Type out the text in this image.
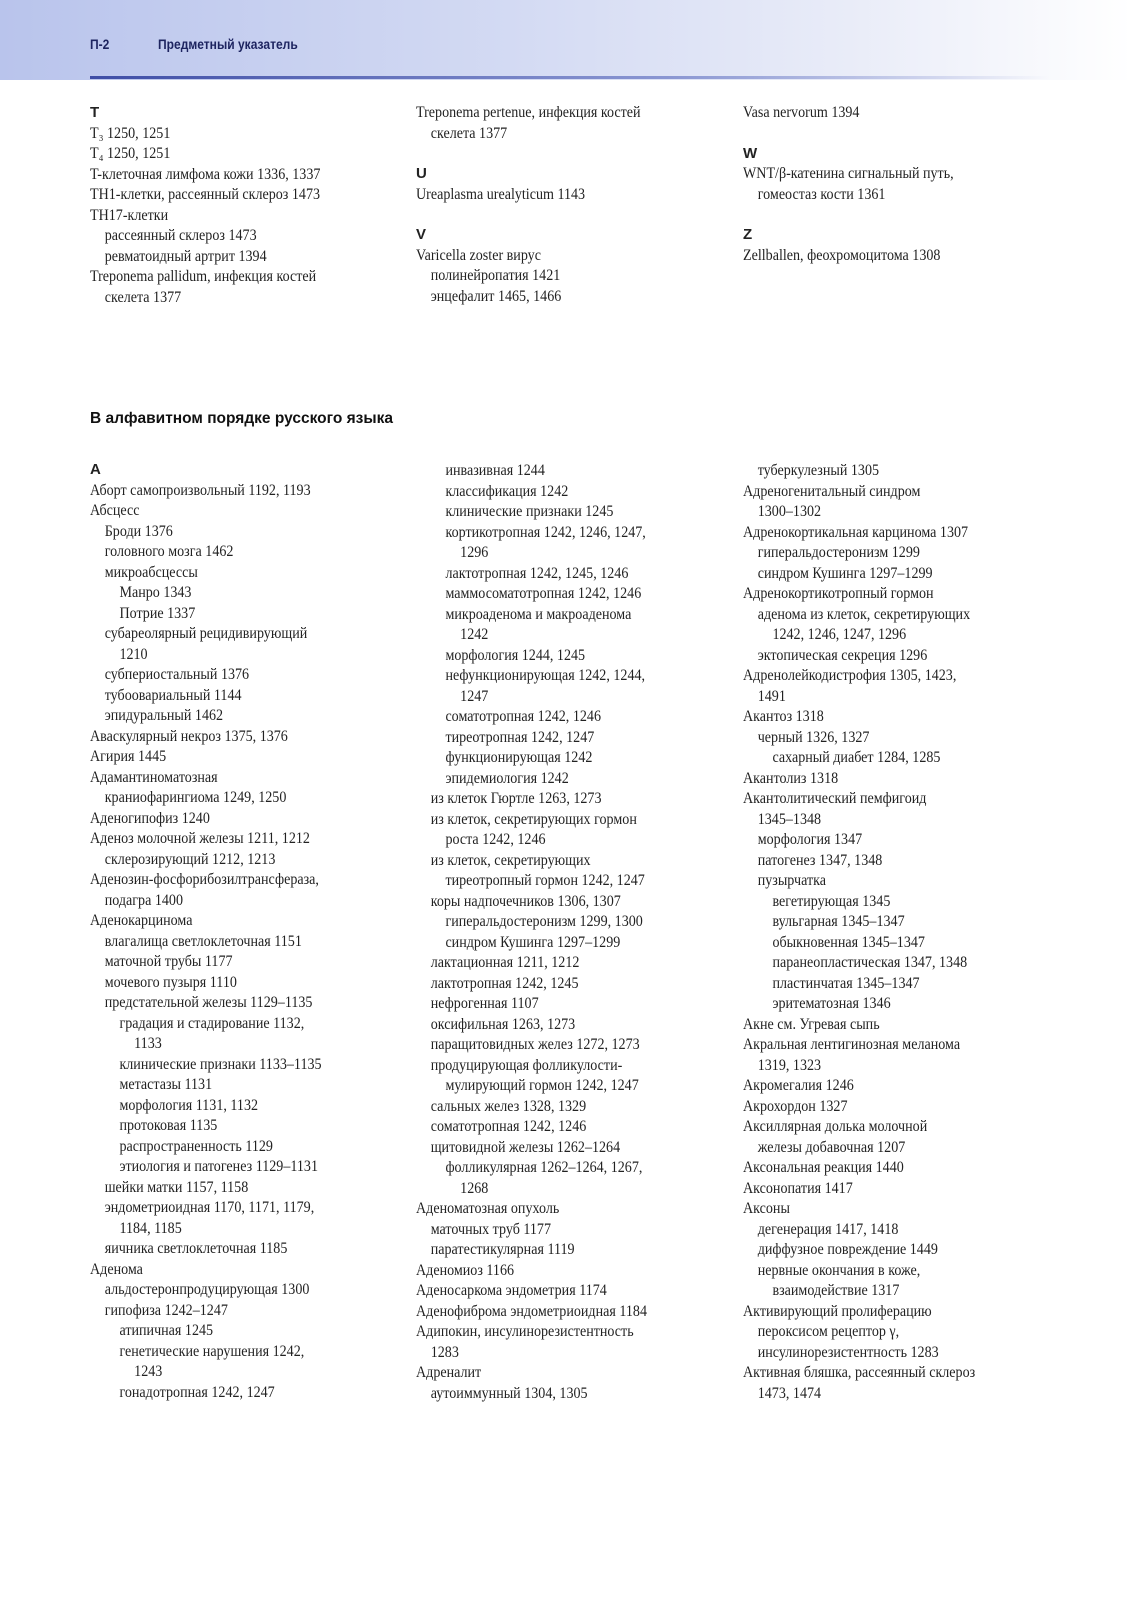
П-2	Предметный указатель
T
T₃ 1250, 1251
T₄ 1250, 1251
T-клеточная лимфома кожи 1336, 1337
TH1-клетки, рассеянный склероз 1473
TH17-клетки
рассеянный склероз 1473
ревматоидный артрит 1394
Treponema pallidum, инфекция костей
скелета 1377
Treponema pertenue, инфекция костей
скелета 1377
U
Ureaplasma urealyticum 1143
V
Varicella zoster вирус
полинейропатия 1421
энцефалит 1465, 1466
Vasa nervorum 1394
W
WNT/β-катенина сигнальный путь,
гомеостаз кости 1361
Z
Zellballen, феохромоцитома 1308
В алфавитном порядке русского языка
А
Аборт самопроизвольный 1192, 1193
Абсцесс
Броди 1376
головного мозга 1462
микроабсцессы
Манро 1343
Потрие 1337
субареолярный рецидивирующий
1210
субпериостальный 1376
тубоовариальный 1144
эпидуральный 1462
Аваскулярный некроз 1375, 1376
Агирия 1445
Адамантиноматозная
краниофарингиома 1249, 1250
Аденогипофиз 1240
Аденоз молочной железы 1211, 1212
склерозирующий 1212, 1213
Аденозин-фосфорибозилтрансфераза,
подагра 1400
Аденокарцинома
влагалища светлоклеточная 1151
маточной трубы 1177
мочевого пузыря 1110
предстательной железы 1129–1135
градация и стадирование 1132,
1133
клинические признаки 1133–1135
метастазы 1131
морфология 1131, 1132
протоковая 1135
распространенность 1129
этиология и патогенез 1129–1131
шейки матки 1157, 1158
эндометриоидная 1170, 1171, 1179,
1184, 1185
яичника светлоклеточная 1185
Аденома
альдостеронпродуцирующая 1300
гипофиза 1242–1247
атипичная 1245
генетические нарушения 1242,
1243
гонадотропная 1242, 1247
инвазивная 1244
классификация 1242
клинические признаки 1245
кортикотропная 1242, 1246, 1247,
1296
лактотропная 1242, 1245, 1246
маммосоматотропная 1242, 1246
микроаденома и макроаденома
1242
морфология 1244, 1245
нефункционирующая 1242, 1244,
1247
соматотропная 1242, 1246
тиреотропная 1242, 1247
функционирующая 1242
эпидемиология 1242
из клеток Гюртле 1263, 1273
из клеток, секретирующих гормон
роста 1242, 1246
из клеток, секретирующих
тиреотропный гормон 1242, 1247
коры надпочечников 1306, 1307
гиперальдостеронизм 1299, 1300
синдром Кушинга 1297–1299
лактационная 1211, 1212
лактотропная 1242, 1245
нефрогенная 1107
оксифильная 1263, 1273
паращитовидных желез 1272, 1273
продуцирующая фолликулости-
мулирующий гормон 1242, 1247
сальных желез 1328, 1329
соматотропная 1242, 1246
щитовидной железы 1262–1264
фолликулярная 1262–1264, 1267,
1268
Аденоматозная опухоль
маточных труб 1177
паратестикулярная 1119
Аденомиоз 1166
Аденосаркома эндометрия 1174
Аденофиброма эндометриоидная 1184
Адипокин, инсулинорезистентность
1283
Адреналит
аутоиммунный 1304, 1305
туберкулезный 1305
Адреногенитальный синдром
1300–1302
Адренокортикальная карцинома 1307
гиперальдостеронизм 1299
синдром Кушинга 1297–1299
Адренокортикотропный гормон
аденома из клеток, секретирующих
1242, 1246, 1247, 1296
эктопическая секреция 1296
Адренолейкодистрофия 1305, 1423,
1491
Акантоз 1318
черный 1326, 1327
сахарный диабет 1284, 1285
Акантолиз 1318
Акантолитический пемфигоид
1345–1348
морфология 1347
патогенез 1347, 1348
пузырчатка
вегетирующая 1345
вульгарная 1345–1347
обыкновенная 1345–1347
паранеопластическая 1347, 1348
пластинчатая 1345–1347
эритематозная 1346
Акне см. Угревая сыпь
Акральная лентигинозная меланома
1319, 1323
Акромегалия 1246
Акрохордон 1327
Аксиллярная долька молочной
железы добавочная 1207
Аксональная реакция 1440
Аксонопатия 1417
Аксоны
дегенерация 1417, 1418
диффузное повреждение 1449
нервные окончания в коже,
взаимодействие 1317
Активирующий пролиферацию
пероксисом рецептор γ,
инсулинорезистентность 1283
Активная бляшка, рассеянный склероз
1473, 1474
